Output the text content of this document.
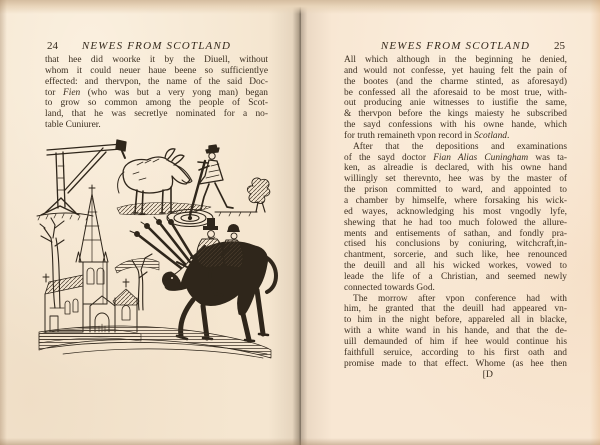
24 NEWES FROM SCOTLAND
that hee did woorke it by the Diuell, without
whom it could neuer haue beene so sufficientlye
effected: and thervpon, the name of the said Doc-
tor Fien (who was but a very yong man) began
to grow so common among the people of Scot-
land, that he was secretlye nominated for a no-
table Cuniurer.
NEWES FROM SCOTLAND 25
All which although in the beginning he denied,
and would not confesse, yet hauing felt the pain of
the bootes (and the charme stinted, as aforesayd)
be confessed all the aforesaid to be most true, with-
out producing anie witnesses to iustifie the same,
& thervpon before the kings maiesty he subscribed
the sayd confessions with his owne hande, which
for truth remaineth vpon record in Scotland.
After that the depositions and examinations
of the sayd doctor Fian Alias Cuningham was ta-
ken, as alreadie is declared, with his owne hand
willingly set therevnto, hee was by the master of
the prison committed to ward, and appointed to
a chamber by himselfe, where forsaking his wick-
ed wayes, acknowledging his most vngodly lyfe,
shewing that he had too much folowed the allure-
ments and entisements of sathan, and fondly pra-
ctised his conclusions by coniuring, witchcraft,in-
chantment, sorcerie, and such like, hee renounced
the deuill and all his wicked workes, vowed to
leade the life of a Christian, and seemed newly
connected towards God.
The morrow after vpon conference had with
him, he granted that the deuill had appeared vn-
to him in the night before, appareled all in blacke,
with a white wand in his hande, and that the de-
uill demaunded of him if hee would continue his
faithfull seruice, according to his first oath and
promise made to that effect. Whome (as hee then
[D
